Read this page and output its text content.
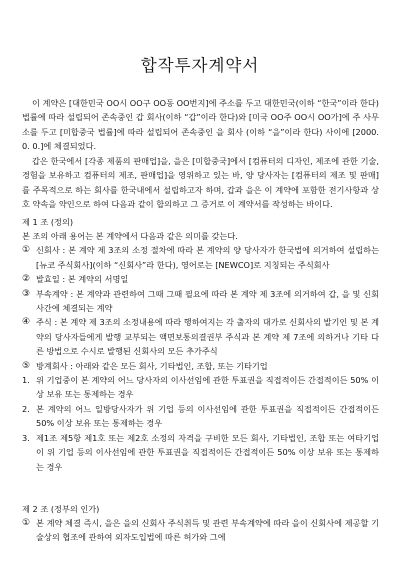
합작투자계약서
이 계약은 [대한민국 OO시 OO구 OO동 OO번지]에 주소를 두고 대한민국(이하 “한국”이라 한다) 법률에 따라 설립되어 존속중인 갑 회사(이하 “갑”이라 한다)와 [미국 OO주 OO시 OO가]에 주 사무소를 두고 [미합중국 법률]에 따라 설립되어 존속중인 을 회사 (이하 “을”이라 한다) 사이에 [2000. 0. 0.]에 체결되었다.
갑은 한국에서 [각종 제품의 판매업]을, 을은 [미합중국]에서 [컴퓨터의 디자인, 제조에 관한 기술, 경험을 보유하고 컴퓨터의 제조, 판매업]을 영위하고 있는 바, 양 당사자는 [컴퓨터의 제조 및 판매]를 주목적으로 하는 회사를 한국내에서 설립하고자 하며, 갑과 을은 이 계약에 포함한 전기사항과 상호 약속을 약인으로 하여 다음과 같이 합의하고 그 증거로 이 계약서를 작성하는 바이다.
제 1 조 (정의)
본 조의 아래 용어는 본 계약에서 다음과 같은 의미를 갖는다.
① 신회사 : 본 계약 제 3조의 소정 절차에 따라 본 계약의 양 당사자가 한국법에 의거하여 설립하는 [뉴코 주식회사](이하 “신회사”라 한다), 영어로는 [NEWCO]로 지칭되는 주식회사
② 발효일 : 본 계약의 서명일
③ 부속계약 : 본 계약과 관련하여 그때 그때 필요에 따라 본 계약 제 3조에 의거하여 갑, 을 및 신회사간에 체결되는 계약
④ 주식 : 본 계약 제 3조의 소정내용에 따라 행하여지는 각 출자의 대가로 신회사의 발기인 및 본 계약의 당사자들에게 발행 교부되는 액면보통의결권부 주식과 본 계약 제 7조에 의하거나 기타 다른 방법으로 수시로 발행된 신회사의 모든 추가주식
⑤ 방계회사 : 아래와 같은 모든 회사, 기타법인, 조합, 또는 기타기업
1. 위 기업중이 본 계약의 어느 당사자의 이사선임에 관한 투표권을 직접적이든 간접적이든 50% 이상 보유 또는 통제하는 경우
2. 본 계약의 어느 일방당사자가 위 기업 등의 이사선임에 관한 투표권을 직접적이든 간접적이든 50% 이상 보유 또는 통제하는 경우
3. 제1조 제5항 제1호 또는 제2호 소정의 자격을 구비한 모든 회사, 기타법인, 조합 또는 여타기업이 위 기업 등의 이사선임에 관한 투표권을 직접적이든 간접적이든 50% 이상 보유 또는 통제하는 경우
제 2 조 (정부의 인가)
① 본 계약 체결 즉시, 을은 을의 신회사 주식취득 및 관련 부속계약에 따라 을이 신회사에 제공할 기술상의 협조에 관하여 외자도입법에 따른 허가와 그에
